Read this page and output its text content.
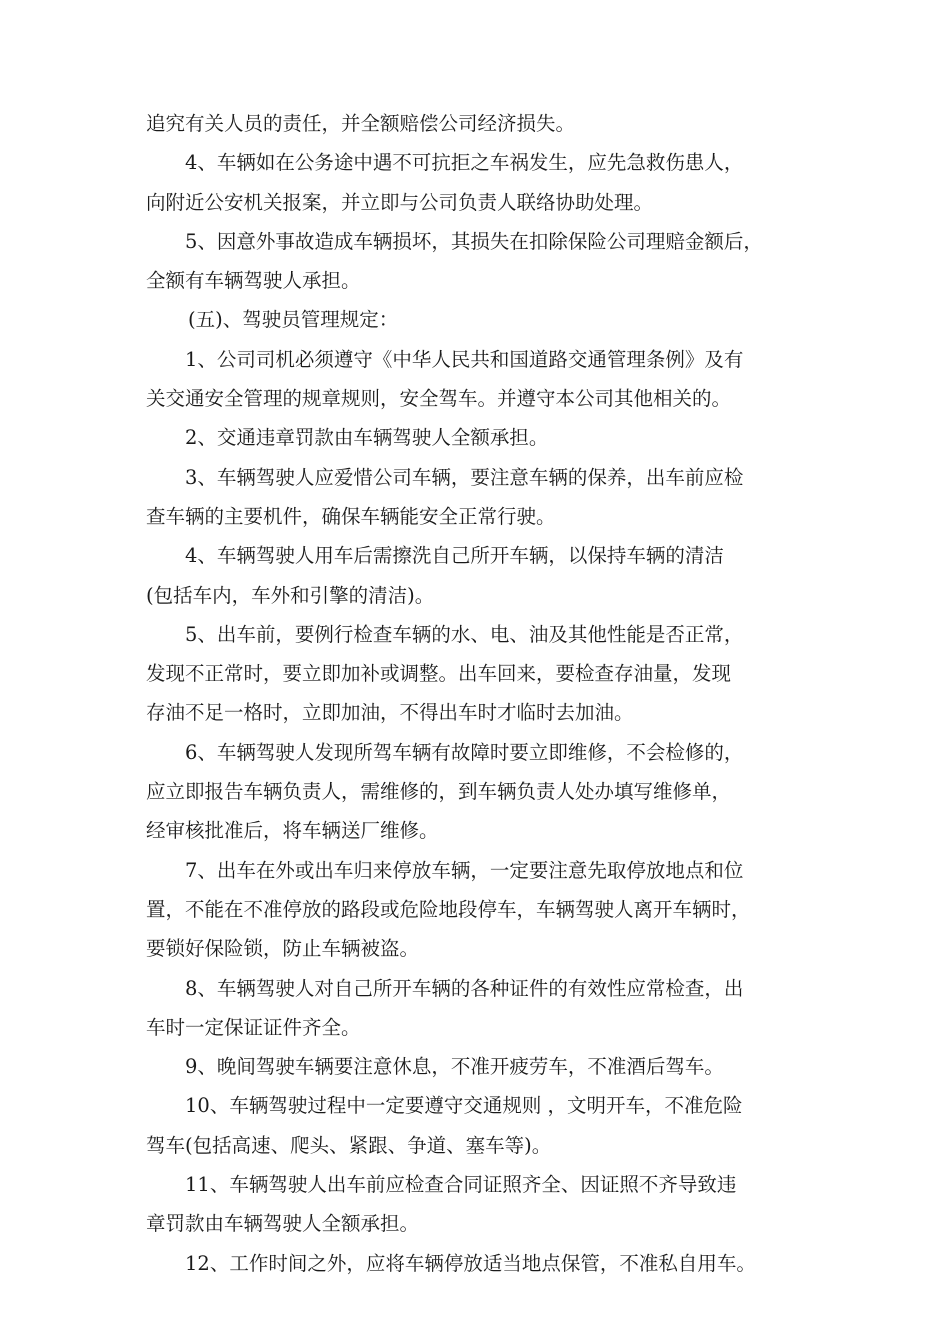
追究有关人员的责任，并全额赔偿公司经济损失。

4、车辆如在公务途中遇不可抗拒之车祸发生，应先急救伤患人，

向附近公安机关报案，并立即与公司负责人联络协助处理。

5、因意外事故造成车辆损坏，其损失在扣除保险公司理赔金额后，

全额有车辆驾驶人承担。

(五)、驾驶员管理规定：

1、公司司机必须遵守《中华人民共和国道路交通管理条例》及有

关交通安全管理的规章规则，安全驾车。并遵守本公司其他相关的。

2、交通违章罚款由车辆驾驶人全额承担。

3、车辆驾驶人应爱惜公司车辆，要注意车辆的保养，出车前应检

查车辆的主要机件，确保车辆能安全正常行驶。

4、车辆驾驶人用车后需擦洗自己所开车辆，以保持车辆的清洁

(包括车内，车外和引擎的清洁)。

5、出车前，要例行检查车辆的水、电、油及其他性能是否正常，

发现不正常时，要立即加补或调整。出车回来，要检查存油量，发现

存油不足一格时，立即加油，不得出车时才临时去加油。

6、车辆驾驶人发现所驾车辆有故障时要立即维修，不会检修的，

应立即报告车辆负责人，需维修的，到车辆负责人处办填写维修单，

经审核批准后，将车辆送厂维修。

7、出车在外或出车归来停放车辆，一定要注意先取停放地点和位

置，不能在不准停放的路段或危险地段停车，车辆驾驶人离开车辆时，

要锁好保险锁，防止车辆被盗。

8、车辆驾驶人对自己所开车辆的各种证件的有效性应常检查，出

车时一定保证证件齐全。

9、晚间驾驶车辆要注意休息，不准开疲劳车，不准酒后驾车。

10、车辆驾驶过程中一定要遵守交通规则 ，文明开车，不准危险

驾车(包括高速、爬头、紧跟、争道、塞车等)。

11、车辆驾驶人出车前应检查合同证照齐全、因证照不齐导致违

章罚款由车辆驾驶人全额承担。

12、工作时间之外，应将车辆停放适当地点保管，不准私自用车。
